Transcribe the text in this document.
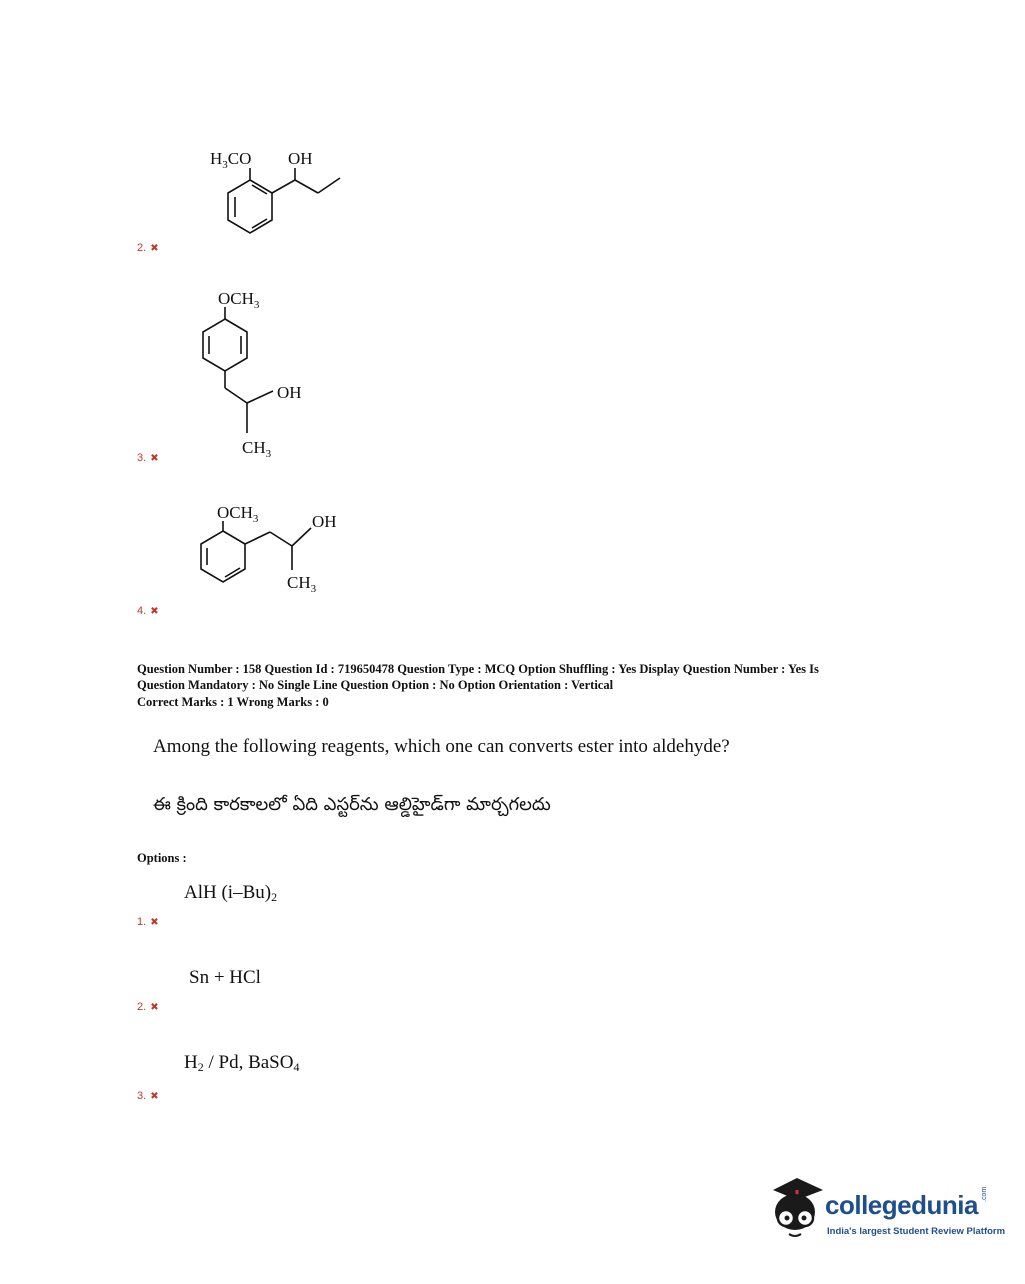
$H_3CO$ OH
2. ✖
$OCH_3$
OH
$CH_3$
3. ✖
$OCH_3$	OH
$CH_3$
4. ✖
Question Number : 158 Question Id : 719650478 Question Type : MCQ Option Shuffling : Yes Display Question Number : Yes Is
Question Mandatory : No Single Line Question Option : No Option Orientation : Vertical
Correct Marks : 1 Wrong Marks : 0
Among the following reagents, which one can converts ester into aldehyde?
ఈ క్రింది కారకాలలో ఏది ఎస్టర్‌ను ఆల్డిహైడ్‌గా మార్చగలదు
Options :
AlH $(i-Bu)_2$
1. ✖
Sn + HCl
2. ✖
$H_2$ / Pd, BaSO$_4$
3. ✖
collegedunia .com
India's largest Student Review Platform
